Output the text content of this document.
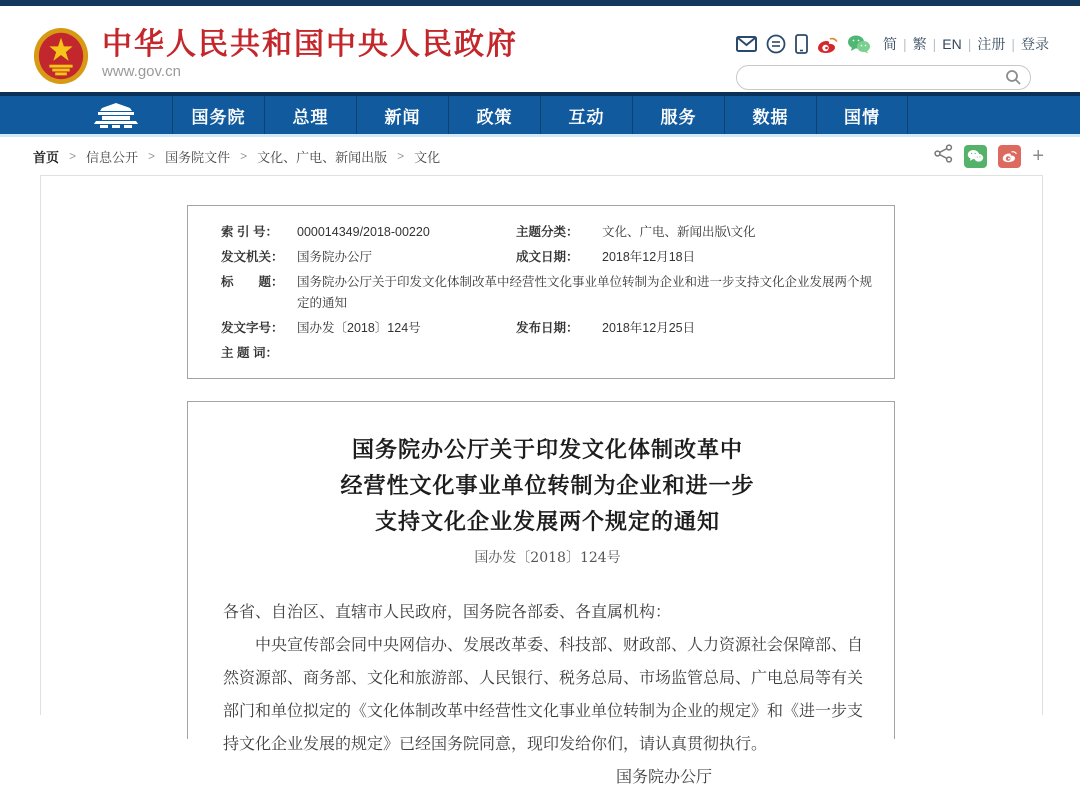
中华人民共和国中央人民政府
www.gov.cn
简 | 繁 | EN | 注册 | 登录
国务院	总理	新闻	政策	互动	服务	数据	国情
首页 > 信息公开 > 国务院文件 > 文化、广电、新闻出版 > 文化	+
索 引 号：	000014349/2018-00220	主题分类：	文化、广电、新闻出版\文化
发文机关：	国务院办公厅	成文日期：	2018年12月18日
标　　题：	国务院办公厅关于印发文化体制改革中经营性文化事业单位转制为企业和进一步支持文化企业发展两个规定的通知
发文字号：	国办发〔2018〕124号	发布日期：	2018年12月25日
主 题 词：
国务院办公厅关于印发文化体制改革中
经营性文化事业单位转制为企业和进一步
支持文化企业发展两个规定的通知
国办发〔2018〕124号
各省、自治区、直辖市人民政府，国务院各部委、各直属机构：
中央宣传部会同中央网信办、发展改革委、科技部、财政部、人力资源社会保障部、自然资源部、商务部、文化和旅游部、人民银行、税务总局、市场监管总局、广电总局等有关部门和单位拟定的《文化体制改革中经营性文化事业单位转制为企业的规定》和《进一步支持文化企业发展的规定》已经国务院同意，现印发给你们，请认真贯彻执行。
国务院办公厅
